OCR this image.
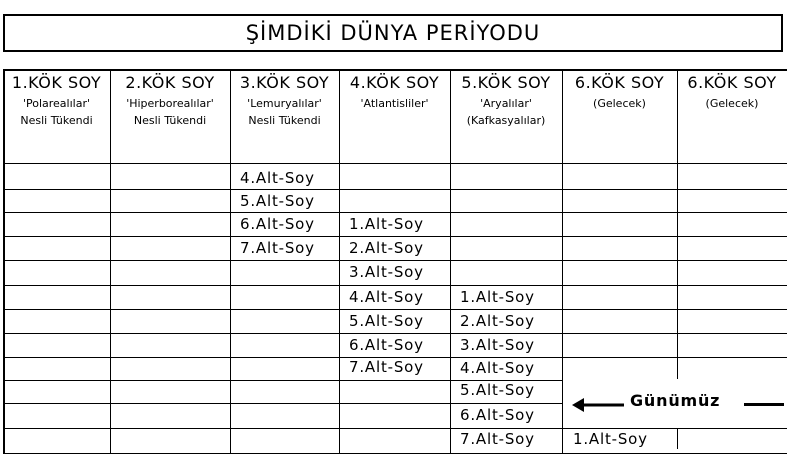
ŞİMDİKİ DÜNYA PERİYODU
1.KÖK SOY
'Polarealılar'
Nesli Tükendi
2.KÖK SOY
'Hiperborealılar'
Nesli Tükendi
3.KÖK SOY
'Lemuryalılar'
Nesli Tükendi
4.KÖK SOY
'Atlantisliler'
5.KÖK SOY
'Aryalılar'
(Kafkasyalılar)
6.KÖK SOY
(Gelecek)
6.KÖK SOY
(Gelecek)
4.Alt-Soy
5.Alt-Soy
6.Alt-Soy
7.Alt-Soy
1.Alt-Soy
2.Alt-Soy
3.Alt-Soy
4.Alt-Soy
5.Alt-Soy
6.Alt-Soy
7.Alt-Soy
1.Alt-Soy
2.Alt-Soy
3.Alt-Soy
4.Alt-Soy
5.Alt-Soy
6.Alt-Soy
7.Alt-Soy	1.Alt-Soy
Günümüz
